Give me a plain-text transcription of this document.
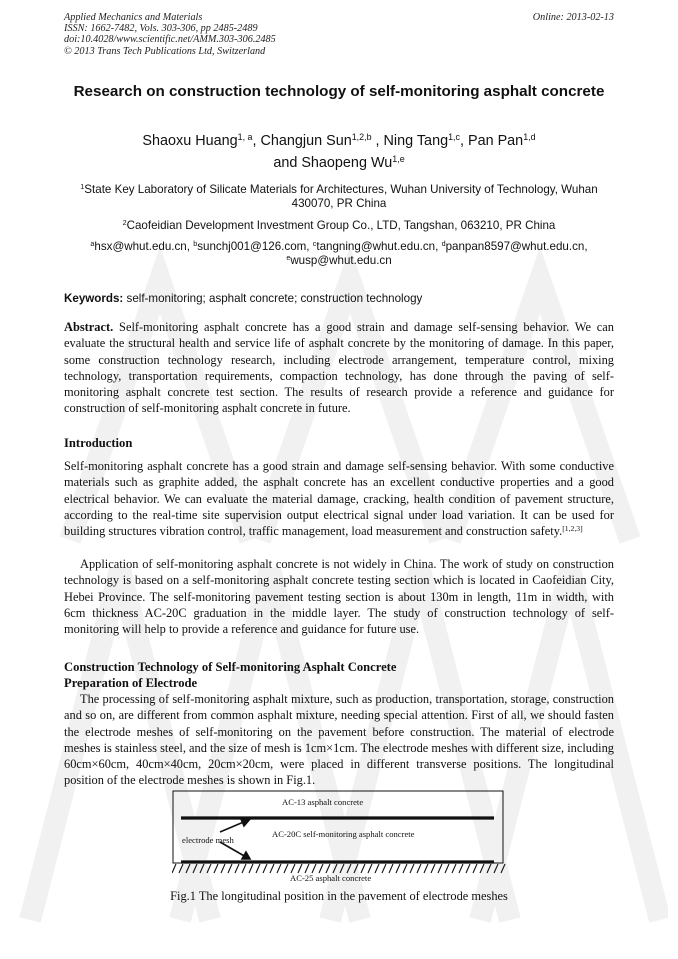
Applied Mechanics and Materials
ISSN: 1662-7482, Vols. 303-306, pp 2485-2489
doi:10.4028/www.scientific.net/AMM.303-306.2485
© 2013 Trans Tech Publications Ltd, Switzerland
Online: 2013-02-13
Research on construction technology of self-monitoring asphalt concrete
Shaoxu Huang$^{1, a}$, Changjun Sun$^{1,2,b}$ , Ning Tang$^{1,c}$, Pan Pan$^{1,d}$
and Shaopeng Wu$^{1,e}$
$^1$State Key Laboratory of Silicate Materials for Architectures, Wuhan University of Technology, Wuhan 430070, PR China
$^2$Caofeidian Development Investment Group Co., LTD, Tangshan, 063210, PR China
$^a$hsx@whut.edu.cn, $^b$sunchj001@126.com, $^c$tangning@whut.edu.cn, $^d$panpan8597@whut.edu.cn,
$^e$wusp@whut.edu.cn
Keywords: self-monitoring; asphalt concrete; construction technology
Abstract. Self-monitoring asphalt concrete has a good strain and damage self-sensing behavior. We can evaluate the structural health and service life of asphalt concrete by the monitoring of damage. In this paper, some construction technology research, including electrode arrangement, temperature control, mixing technology, transportation requirements, compaction technology, has done through the paving of self-monitoring asphalt concrete test section. The results of research provide a reference and guidance for construction of self-monitoring asphalt concrete in future.
Introduction
Self-monitoring asphalt concrete has a good strain and damage self-sensing behavior. With some conductive materials such as graphite added, the asphalt concrete has an excellent conductive properties and a good electrical behavior. We can evaluate the material damage, cracking, health condition of pavement structure, according to the real-time site supervision output electrical signal under load variation. It can be used for building structures vibration control, traffic management, load measurement and construction safety.[1,2,3]
Application of self-monitoring asphalt concrete is not widely in China. The work of study on construction technology is based on a self-monitoring asphalt concrete testing section which is located in Caofeidian City, Hebei Province. The self-monitoring pavement testing section is about 130m in length, 11m in width, with 6cm thickness AC-20C graduation in the middle layer. The study of construction technology of self-monitoring will help to provide a reference and guidance for future use.
Construction Technology of Self-monitoring Asphalt Concrete
Preparation of Electrode
The processing of self-monitoring asphalt mixture, such as production, transportation, storage, construction and so on, are different from common asphalt mixture, needing special attention. First of all, we should fasten the electrode meshes of self-monitoring on the pavement before construction. The material of electrode meshes is stainless steel, and the size of mesh is 1cm×1cm. The electrode meshes with different size, including 60cm×60cm, 40cm×40cm, 20cm×20cm, were placed in different transverse positions. The longitudinal position of the electrode meshes is shown in Fig.1.
AC-13 asphalt concrete
AC-20C self-monitoring asphalt concrete
electrode mesh
AC-25 asphalt concrete
Fig.1 The longitudinal position in the pavement of electrode meshes
